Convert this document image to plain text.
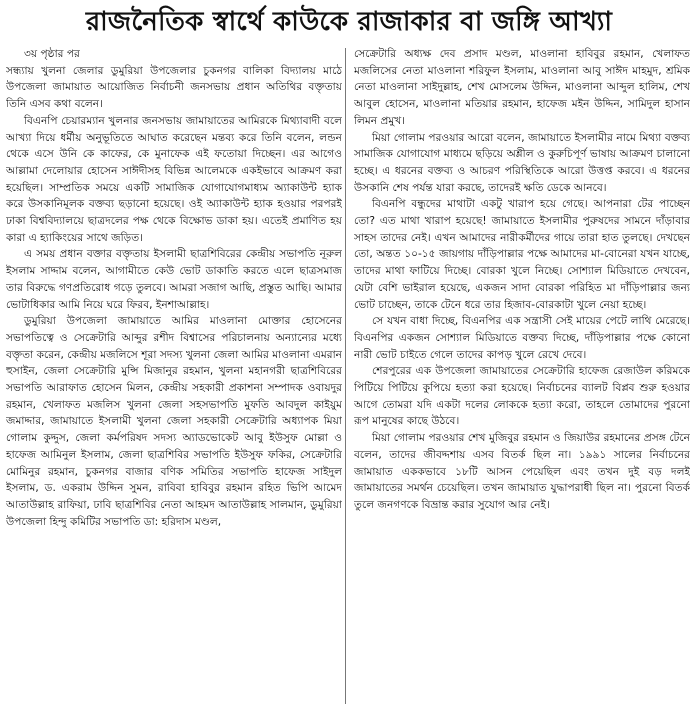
রাজনৈতিক স্বার্থে কাউকে রাজাকার বা জঙ্গি আখ্যা

৩য় পৃষ্ঠার পর

সন্ধ্যায় খুলনা জেলার ডুমুরিয়া উপজেলার চুকনগর বালিকা বিদ্যালয় মাঠে উপজেলা জামায়াত আয়োজিত নির্বাচনী জনসভায় প্রধান অতিথির বক্তৃতায় তিনি এসব কথা বলেন।

বিএনপি চেয়ারম্যান খুলনার জনসভায় জামায়াতের আমিরকে মিথ্যাবাদী বলে আখ্যা দিয়ে ধর্মীয় অনুভূতিতে আঘাত করেছেন মন্তব্য করে তিনি বলেন, লন্ডন থেকে এসে উনি কে কাফের, কে মুনাফেক এই ফতোয়া দিচ্ছেন। এর আগেও আল্লামা দেলোয়ার হোসেন সাঈদীসহ বিভিন্ন আলেমকে একইভাবে আক্রমণ করা হয়েছিল। সাম্প্রতিক সময়ে একটি সামাজিক যোগাযোগমাধ্যম অ্যাকাউন্ট হ্যাক করে উসকানিমূলক বক্তব্য ছড়ানো হয়েছে। ওই অ্যাকাউন্ট হ্যাক হওয়ার পরপরই ঢাকা বিশ্ববিদ্যালয়ে ছাত্রদলের পক্ষ থেকে বিক্ষোভ ডাকা হয়। এতেই প্রমাণিত হয় কারা এ হ্যাকিংয়ের সাথে জড়িত।

এ সময় প্রধান বক্তার বক্তৃতায় ইসলামী ছাত্রশিবিরের কেন্দ্রীয় সভাপতি নূরুল ইসলাম সাদ্দাম বলেন, আগামীতে কেউ ভোট ডাকাতি করতে এলে ছাত্রসমাজ তার বিরুদ্ধে গণপ্রতিরোধ গড়ে তুলবে। আমরা সজাগ আছি, প্রস্তুত আছি। আমার ভোটাধিকার আমি নিয়ে ঘরে ফিরব, ইনশাআল্লাহ।

ডুমুরিয়া উপজেলা জামায়াতে আমির মাওলানা মোক্তার হোসেনের সভাপতিত্বে ও সেক্রেটারি আব্দুর রশীদ বিশ্বাসের পরিচালনায় অন্যান্যের মধ্যে বক্তৃতা করেন, কেন্দ্রীয় মজলিসে শূরা সদস্য খুলনা জেলা আমির মাওলানা এমরান হুসাইন, জেলা সেক্রেটারি মুন্সি মিজানুর রহমান, খুলনা মহানগরী ছাত্রশিবিরের সভাপতি আরাফাত হোসেন মিলন, কেন্দ্রীয় সহকারী প্রকাশনা সম্পাদক ওবায়দুর রহমান, খেলাফত মজলিস খুলনা জেলা সহসভাপতি মুফতি আবদুল কাইয়ুম জমাদ্দার, জামায়াতে ইসলামী খুলনা জেলা সহকারী সেক্রেটারি অধ্যাপক মিয়া গোলাম কুদ্দুস, জেলা কর্মপরিষদ সদস্য অ্যাডভোকেট আবু ইউসুফ মোল্লা ও হাফেজ আমিনুল ইসলাম, জেলা ছাত্রশিবির সভাপতি ইউসুফ ফকির, সেক্রেটারি মোমিনুর রহমান, চুকনগর বাজার বণিক সমিতির সভাপতি হাফেজ সাইদুল ইসলাম, ড. একরাম উদ্দিন সুমন, রাবিবা হাবিবুর রহমান রহিত ভিপি আমেদ আতাউল্লাহ রাফিয়া, ঢাবি ছাত্রশিবির নেতা আহমদ আতাউল্লাহ সালমান, ডুমুরিয়া উপজেলা হিন্দু কমিটির সভাপতি ডা: হরিদাস মণ্ডল,

সেক্রেটারি অধ্যক্ষ দেব প্রসাদ মণ্ডল, মাওলানা হাবিবুর রহমান, খেলাফত মজলিসের নেতা মাওলানা শরিফুল ইসলাম, মাওলানা আবু সাঈদ মাহমুদ, শ্রমিক নেতা মাওলানা সাইদুল্লাহ, শেখ মোসলেম উদ্দিন, মাওলানা আব্দুল হালিম, শেখ আবুল হোসেন, মাওলানা মতিয়ার রহমান, হাফেজ মইন উদ্দিন, সামিদুল হাসান লিমন প্রমুখ।

মিয়া গোলাম পরওয়ার আরো বলেন, জামায়াতে ইসলামীর নামে মিথ্যা বক্তব্য সামাজিক যোগাযোগ মাধ্যমে ছড়িয়ে অশ্লীল ও কুরুচিপূর্ণ ভাষায় আক্রমণ চালানো হচ্ছে। এ ধরনের বক্তব্য ও আচরণ পরিস্থিতিকে আরো উত্তপ্ত করবে। এ ধরনের উসকানি শেষ পর্যন্ত যারা করছে, তাদেরই ক্ষতি ডেকে আনবে।

বিএনপি বন্ধুদের মাথাটা একটু খারাপ হয়ে গেছে। আপনারা টের পাচ্ছেন তো? এত মাথা খারাপ হয়েছে! জামায়াতে ইসলামীর পুরুষদের সামনে দাঁড়াবার সাহস তাদের নেই। এখন আমাদের নারীকর্মীদের গায়ে তারা হাত তুলছে। দেখছেন তো, অন্তত ১০-১৫ জায়গায় দাঁড়িপাল্লার পক্ষে আমাদের মা-বোনেরা যখন যাচ্ছে, তাদের মাথা ফাটিয়ে দিচ্ছে। বোরকা খুলে নিচ্ছে। সোশ্যাল মিডিয়াতে দেখবেন, যেটা বেশি ভাইরাল হয়েছে, একজন সাদা বোরকা পরিহিত মা দাঁড়িপাল্লার জন্য ভোট চাচ্ছেন, তাকে টেনে ধরে তার হিজাব-বোরকাটা খুলে নেয়া হচ্ছে।

সে যখন বাধা দিচ্ছে, বিএনপির এক সন্ত্রাসী সেই মায়ের পেটে লাথি মেরেছে। বিএনপির একজন সোশ্যাল মিডিয়াতে বক্তব্য দিচ্ছে, দাঁড়িপাল্লার পক্ষে কোনো নারী ভোট চাইতে গেলে তাদের কাপড় খুলে রেখে দেবে।

শেরপুরের এক উপজেলা জামায়াতের সেক্রেটারি হাফেজ রেজাউল করিমকে পিটিয়ে পিটিয়ে কুপিয়ে হত্যা করা হয়েছে। নির্বাচনের ব্যালট বিপ্লব শুরু হওয়ার আগে তোমরা যদি একটা দলের লোককে হত্যা করো, তাহলে তোমাদের পুরনো রূপ মানুষের কাছে উঠবে।

মিয়া গোলাম পরওয়ার শেখ মুজিবুর রহমান ও জিয়াউর রহমানের প্রসঙ্গ টেনে বলেন, তাদের জীবদ্দশায় এসব বিতর্ক ছিল না। ১৯৯১ সালের নির্বাচনের জামায়াত এককভাবে ১৮টি আসন পেয়েছিল এবং তখন দুই বড় দলই জামায়াতের সমর্থন চেয়েছিল। তখন জামায়াত যুদ্ধাপরাধী ছিল না। পুরনো বিতর্ক তুলে জনগণকে বিভ্রান্ত করার সুযোগ আর নেই।
